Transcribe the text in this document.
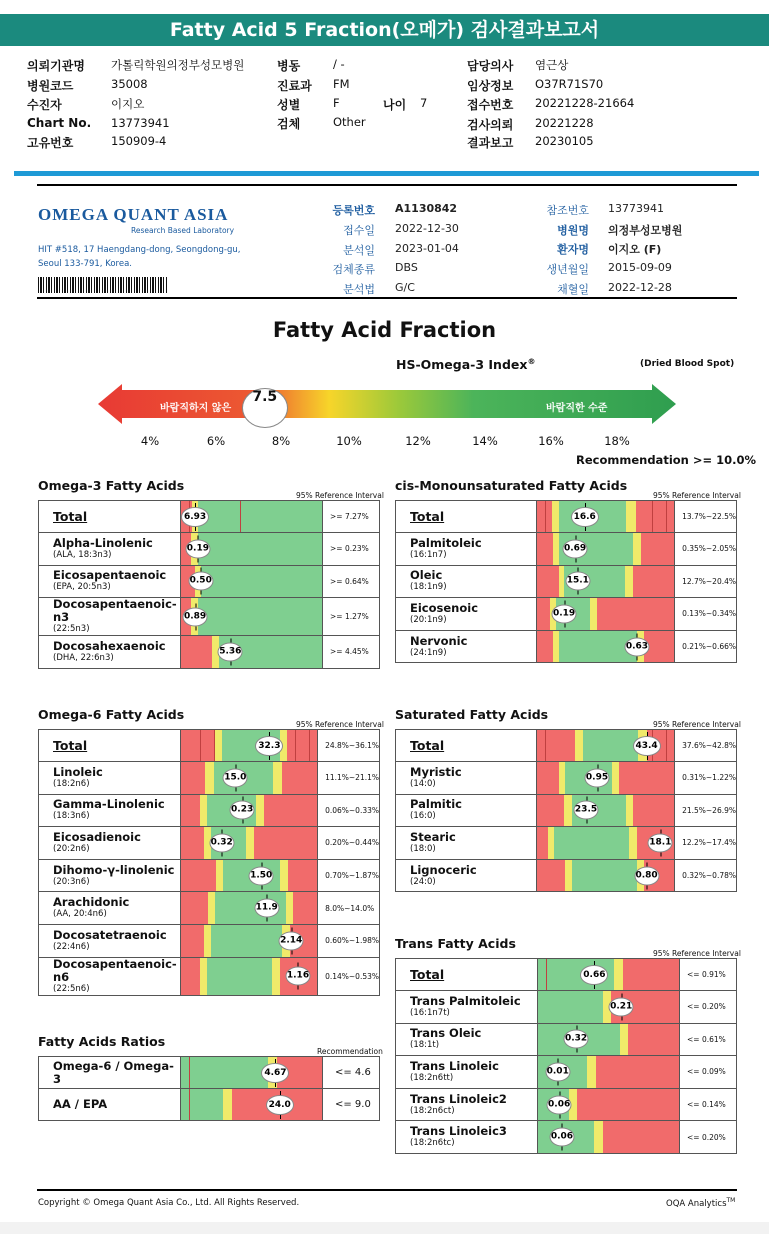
Fatty Acid 5 Fraction(오메가) 검사결과보고서
의뢰기관명 가톨릭학원의정부성모병원
병원코드	35008
수진자	이지오
Chart No. 13773941
고유번호	150909-4
병동	/ -
진료과 FM
성별	F	나이 7
검체	Other
담당의사 염근상
임상정보 O37R71S70
접수번호 20221228-21664
검사의뢰 20221228
결과보고 20230105
OMEGA QUANT ASIA
Research Based Laboratory
HIT #518, 17 Haengdang-dong, Seongdong-gu,
Seoul 133-791, Korea.
등록번호 A1130842
접수일 2022-12-30
분석일 2023-01-04
검체종류 DBS
분석법 G/C
참조번호 13773941
병원명 의정부성모병원
환자명 이지오 (F)
생년월일 2015-09-09
채혈일 2022-12-28
Fatty Acid Fraction
HS-Omega-3 Index®	(Dried Blood Spot)
바람직하지 않은	바람직한 수준
7.5
4%	6%	8%	10%	12%	14%	16%	18%
Recommendation >= 10.0%
Omega-3 Fatty Acids
95% Reference Interval
Total	6.93	>= 7.27%
Alpha-Linolenic
(ALA, 18:3n3)	0.19	>= 0.23%
Eicosapentaenoic
(EPA, 20:5n3)	0.50	>= 0.64%
Docosapentaenoic-n3
(22:5n3)	0.89	>= 1.27%
Docosahexaenoic
(DHA, 22:6n3)	5.36	>= 4.45%
cis-Monounsaturated Fatty Acids
95% Reference Interval
Total	16.6	13.7%~22.5%
Palmitoleic
(16:1n7)	0.69	0.35%~2.05%
Oleic
(18:1n9)	15.1	12.7%~20.4%
Eicosenoic
(20:1n9)	0.19	0.13%~0.34%
Nervonic
(24:1n9)	0.63	0.21%~0.66%
Omega-6 Fatty Acids
95% Reference Interval
Total	32.3	24.8%~36.1%
Linoleic
(18:2n6)	15.0	11.1%~21.1%
Gamma-Linolenic
(18:3n6)	0.23	0.06%~0.33%
Eicosadienoic
(20:2n6)	0.32	0.20%~0.44%
Dihomo-γ-linolenic
(20:3n6)	1.50	0.70%~1.87%
Arachidonic
(AA, 20:4n6)	11.9	8.0%~14.0%
Docosatetraenoic
(22:4n6)	2.14	0.60%~1.98%
Docosapentaenoic-n6
(22:5n6)	1.16	0.14%~0.53%
Saturated Fatty Acids
95% Reference Interval
Total	43.4	37.6%~42.8%
Myristic
(14:0)	0.95	0.31%~1.22%
Palmitic
(16:0)	23.5	21.5%~26.9%
Stearic
(18:0)	18.1	12.2%~17.4%
Lignoceric
(24:0)	0.80	0.32%~0.78%
Trans Fatty Acids
95% Reference Interval
Total	0.66	<= 0.91%
Trans Palmitoleic
(16:1n7t)	0.21	<= 0.20%
Trans Oleic
(18:1t)	0.32	<= 0.61%
Trans Linoleic
(18:2n6tt)	0.01	<= 0.09%
Trans Linoleic2
(18:2n6ct)	0.06	<= 0.14%
Trans Linoleic3
(18:2n6tc)	0.06	<= 0.20%
Fatty Acids Ratios
Recommendation
Omega-6 / Omega-3	4.67	<= 4.6
AA / EPA	24.0	<= 9.0
Copyright © Omega Quant Asia Co., Ltd. All Rights Reserved.	OQA Analytics™
